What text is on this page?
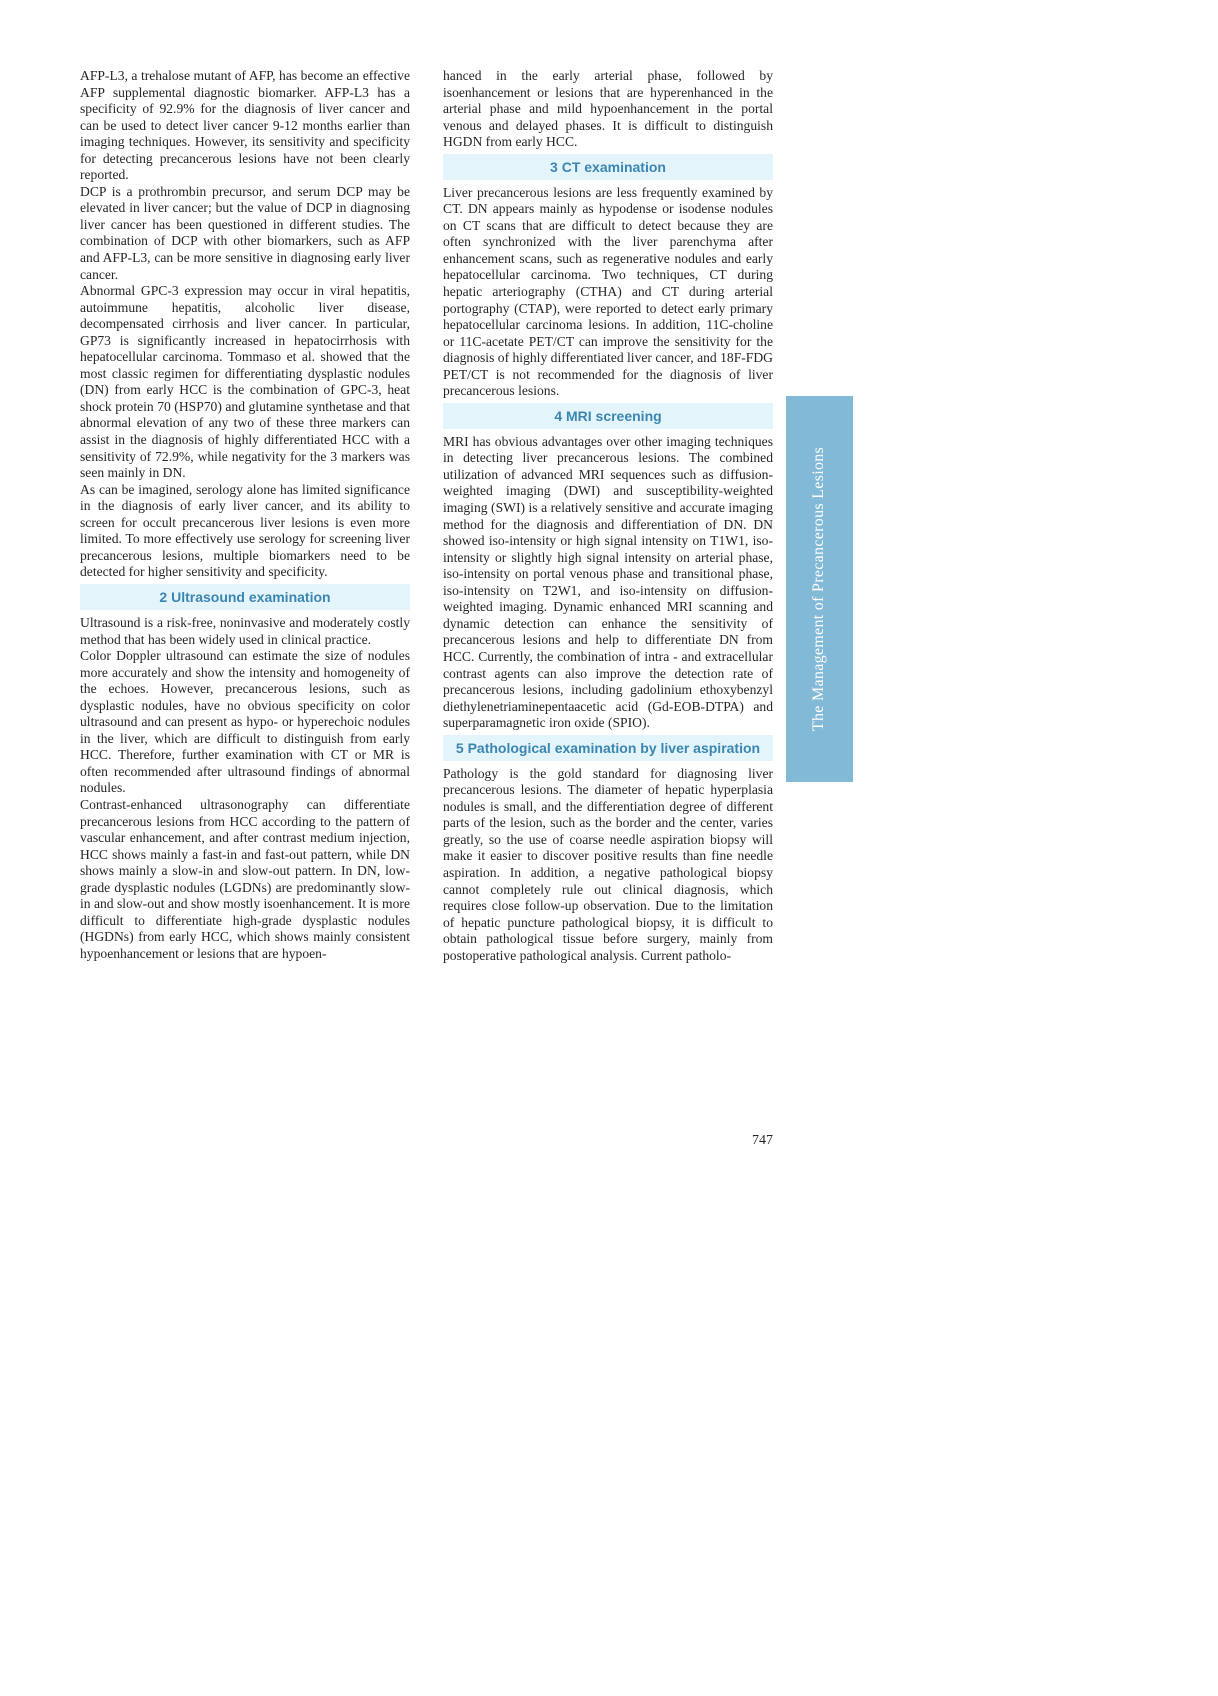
AFP-L3, a trehalose mutant of AFP, has become an effective AFP supplemental diagnostic biomarker. AFP-L3 has a specificity of 92.9% for the diagnosis of liver cancer and can be used to detect liver cancer 9-12 months earlier than imaging techniques. However, its sensitivity and specificity for detecting precancerous lesions have not been clearly reported.

DCP is a prothrombin precursor, and serum DCP may be elevated in liver cancer; but the value of DCP in diagnosing liver cancer has been questioned in different studies. The combination of DCP with other biomarkers, such as AFP and AFP-L3, can be more sensitive in diagnosing early liver cancer.

Abnormal GPC-3 expression may occur in viral hepatitis, autoimmune hepatitis, alcoholic liver disease, decompensated cirrhosis and liver cancer. In particular, GP73 is significantly increased in hepatocirrhosis with hepatocellular carcinoma. Tommaso et al. showed that the most classic regimen for differentiating dysplastic nodules (DN) from early HCC is the combination of GPC-3, heat shock protein 70 (HSP70) and glutamine synthetase and that abnormal elevation of any two of these three markers can assist in the diagnosis of highly differentiated HCC with a sensitivity of 72.9%, while negativity for the 3 markers was seen mainly in DN.

As can be imagined, serology alone has limited significance in the diagnosis of early liver cancer, and its ability to screen for occult precancerous liver lesions is even more limited. To more effectively use serology for screening liver precancerous lesions, multiple biomarkers need to be detected for higher sensitivity and specificity.

2 Ultrasound examination

Ultrasound is a risk-free, noninvasive and moderately costly method that has been widely used in clinical practice.

Color Doppler ultrasound can estimate the size of nodules more accurately and show the intensity and homogeneity of the echoes. However, precancerous lesions, such as dysplastic nodules, have no obvious specificity on color ultrasound and can present as hypo- or hyperechoic nodules in the liver, which are difficult to distinguish from early HCC. Therefore, further examination with CT or MR is often recommended after ultrasound findings of abnormal nodules.

Contrast-enhanced ultrasonography can differentiate precancerous lesions from HCC according to the pattern of vascular enhancement, and after contrast medium injection, HCC shows mainly a fast-in and fast-out pattern, while DN shows mainly a slow-in and slow-out pattern. In DN, low-grade dysplastic nodules (LGDNs) are predominantly slow-in and slow-out and show mostly isoenhancement. It is more difficult to differentiate high-grade dysplastic nodules (HGDNs) from early HCC, which shows mainly consistent hypoenhancement or lesions that are hypoen-

hanced in the early arterial phase, followed by isoenhancement or lesions that are hyperenhanced in the arterial phase and mild hypoenhancement in the portal venous and delayed phases. It is difficult to distinguish HGDN from early HCC.

3 CT examination

Liver precancerous lesions are less frequently examined by CT. DN appears mainly as hypodense or isodense nodules on CT scans that are difficult to detect because they are often synchronized with the liver parenchyma after enhancement scans, such as regenerative nodules and early hepatocellular carcinoma. Two techniques, CT during hepatic arteriography (CTHA) and CT during arterial portography (CTAP), were reported to detect early primary hepatocellular carcinoma lesions. In addition, 11C-choline or 11C-acetate PET/CT can improve the sensitivity for the diagnosis of highly differentiated liver cancer, and 18F-FDG PET/CT is not recommended for the diagnosis of liver precancerous lesions.

4 MRI screening

MRI has obvious advantages over other imaging techniques in detecting liver precancerous lesions. The combined utilization of advanced MRI sequences such as diffusion-weighted imaging (DWI) and susceptibility-weighted imaging (SWI) is a relatively sensitive and accurate imaging method for the diagnosis and differentiation of DN. DN showed iso-intensity or high signal intensity on T1W1, iso-intensity or slightly high signal intensity on arterial phase, iso-intensity on portal venous phase and transitional phase, iso-intensity on T2W1, and iso-intensity on diffusion-weighted imaging. Dynamic enhanced MRI scanning and dynamic detection can enhance the sensitivity of precancerous lesions and help to differentiate DN from HCC. Currently, the combination of intra - and extracellular contrast agents can also improve the detection rate of precancerous lesions, including gadolinium ethoxybenzyl diethylenetriaminepentaacetic acid (Gd-EOB-DTPA) and superparamagnetic iron oxide (SPIO).

5 Pathological examination by liver aspiration

Pathology is the gold standard for diagnosing liver precancerous lesions. The diameter of hepatic hyperplasia nodules is small, and the differentiation degree of different parts of the lesion, such as the border and the center, varies greatly, so the use of coarse needle aspiration biopsy will make it easier to discover positive results than fine needle aspiration. In addition, a negative pathological biopsy cannot completely rule out clinical diagnosis, which requires close follow-up observation. Due to the limitation of hepatic puncture pathological biopsy, it is difficult to obtain pathological tissue before surgery, mainly from postoperative pathological analysis. Current patholo-

The Management of Precancerous Lesions
747
